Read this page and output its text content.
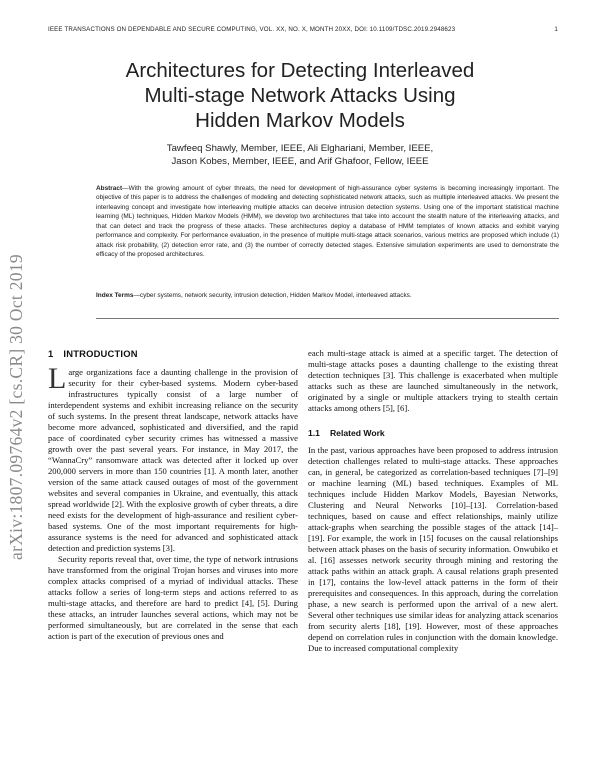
IEEE TRANSACTIONS ON DEPENDABLE AND SECURE COMPUTING, VOL. XX, NO. X, MONTH 20XX, DOI: 10.1109/TDSC.2019.2948623	1
arXiv:1807.09764v2 [cs.CR] 30 Oct 2019
Architectures for Detecting Interleaved
Multi-stage Network Attacks Using
Hidden Markov Models
Tawfeeq Shawly, Member, IEEE, Ali Elghariani, Member, IEEE,
Jason Kobes, Member, IEEE, and Arif Ghafoor, Fellow, IEEE
Abstract—With the growing amount of cyber threats, the need for development of high-assurance cyber systems is becoming increasingly important. The objective of this paper is to address the challenges of modeling and detecting sophisticated network attacks, such as multiple interleaved attacks. We present the interleaving concept and investigate how interleaving multiple attacks can deceive intrusion detection systems. Using one of the important statistical machine learning (ML) techniques, Hidden Markov Models (HMM), we develop two architectures that take into account the stealth nature of the interleaving attacks, and that can detect and track the progress of these attacks. These architectures deploy a database of HMM templates of known attacks and exhibit varying performance and complexity. For performance evaluation, in the presence of multiple multi-stage attack scenarios, various metrics are proposed which include (1) attack risk probability, (2) detection error rate, and (3) the number of correctly detected stages. Extensive simulation experiments are used to demonstrate the efficacy of the proposed architectures.
Index Terms—cyber systems, network security, intrusion detection, Hidden Markov Model, interleaved attacks.
1 INTRODUCTION

Large organizations face a daunting challenge in the provision of security for their cyber-based systems. Modern cyber-based infrastructures typically consist of a large number of interdependent systems and exhibit increasing reliance on the security of such systems. In the present threat landscape, network attacks have become more advanced, sophisticated and diversified, and the rapid pace of coordinated cyber security crimes has witnessed a massive growth over the past several years. For instance, in May 2017, the “WannaCry” ransomware attack was detected after it locked up over 200,000 servers in more than 150 countries [1]. A month later, another version of the same attack caused outages of most of the government websites and several companies in Ukraine, and eventually, this attack spread worldwide [2]. With the explosive growth of cyber threats, a dire need exists for the development of high-assurance and resilient cyber-based systems. One of the most important requirements for high-assurance systems is the need for advanced and sophisticated attack detection and prediction systems [3].

Security reports reveal that, over time, the type of network intrusions have transformed from the original Trojan horses and viruses into more complex attacks comprised of a myriad of individual attacks. These attacks follow a series of long-term steps and actions referred to as multi-stage attacks, and therefore are hard to predict [4], [5]. During these attacks, an intruder launches several actions, which may not be performed simultaneously, but are correlated in the sense that each action is part of the execution of previous ones and

each multi-stage attack is aimed at a specific target. The detection of multi-stage attacks poses a daunting challenge to the existing threat detection techniques [3]. This challenge is exacerbated when multiple attacks such as these are launched simultaneously in the network, originated by a single or multiple attackers trying to stealth certain attacks among others [5], [6].

1.1 Related Work

In the past, various approaches have been proposed to address intrusion detection challenges related to multi-stage attacks. These approaches can, in general, be categorized as correlation-based techniques [7]–[9] or machine learning (ML) based techniques. Examples of ML techniques include Hidden Markov Models, Bayesian Networks, Clustering and Neural Networks [10]–[13]. Correlation-based techniques, based on cause and effect relationships, mainly utilize attack-graphs when searching the possible stages of the attack [14]–[19]. For example, the work in [15] focuses on the causal relationships between attack phases on the basis of security information. Onwubiko et al. [16] assesses network security through mining and restoring the attack paths within an attack graph. A causal relations graph presented in [17], contains the low-level attack patterns in the form of their prerequisites and consequences. In this approach, during the correlation phase, a new search is performed upon the arrival of a new alert. Several other techniques use similar ideas for analyzing attack scenarios from security alerts [18], [19]. However, most of these approaches depend on correlation rules in conjunction with the domain knowledge. Due to increased computational complexity
